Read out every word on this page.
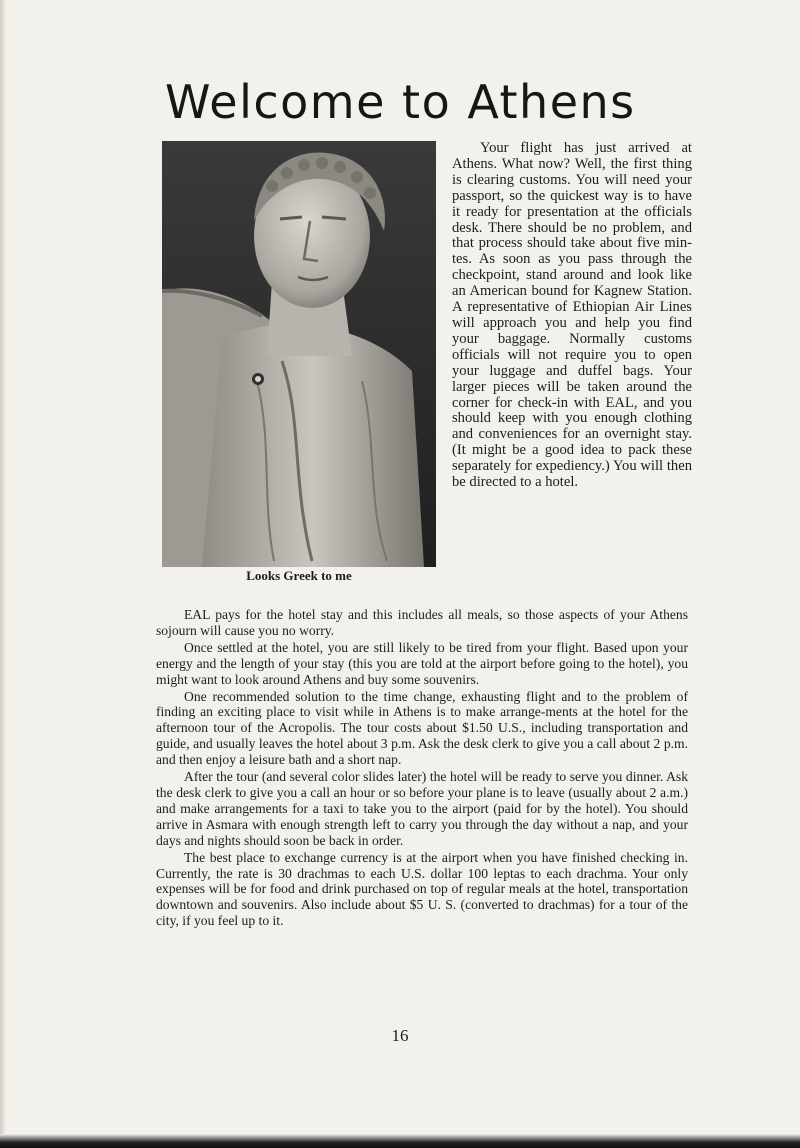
Welcome to Athens
Looks Greek to me

Your flight has just arrived at Athens. What now? Well, the first thing is clearing customs. You will need your passport, so the quickest way is to have it ready for presentation at the officials desk. There should be no problem, and that process should take about five mintes. As soon as you pass through the checkpoint, stand around and look like an American bound for Kagnew Station. A representative of Ethiopian Air Lines will approach you and help you find your baggage. Normally customs officials will not require you to open your luggage and duffel bags. Your larger pieces will be taken around the corner for check-in with EAL, and you should keep with you enough clothing and conveniences for an overnight stay. (It might be a good idea to pack these separately for expediency.) You will then be directed to a hotel.

EAL pays for the hotel stay and this includes all meals, so those aspects of your Athens sojourn will cause you no worry.

Once settled at the hotel, you are still likely to be tired from your flight. Based upon your energy and the length of your stay (this you are told at the airport before going to the hotel), you might want to look around Athens and buy some souvenirs.

One recommended solution to the time change, exhausting flight and to the problem of finding an exciting place to visit while in Athens is to make arrange-ments at the hotel for the afternoon tour of the Acropolis. The tour costs about $1.50 U.S., including transportation and guide, and usually leaves the hotel about 3 p.m. Ask the desk clerk to give you a call about 2 p.m. and then enjoy a leisure bath and a short nap.

After the tour (and several color slides later) the hotel will be ready to serve you dinner. Ask the desk clerk to give you a call an hour or so before your plane is to leave (usually about 2 a.m.) and make arrangements for a taxi to take you to the airport (paid for by the hotel). You should arrive in Asmara with enough strength left to carry you through the day without a nap, and your days and nights should soon be back in order.

The best place to exchange currency is at the airport when you have finished checking in. Currently, the rate is 30 drachmas to each U.S. dollar 100 leptas to each drachma. Your only expenses will be for food and drink purchased on top of regular meals at the hotel, transportation downtown and souvenirs. Also include about $5 U. S. (converted to drachmas) for a tour of the city, if you feel up to it.

16
